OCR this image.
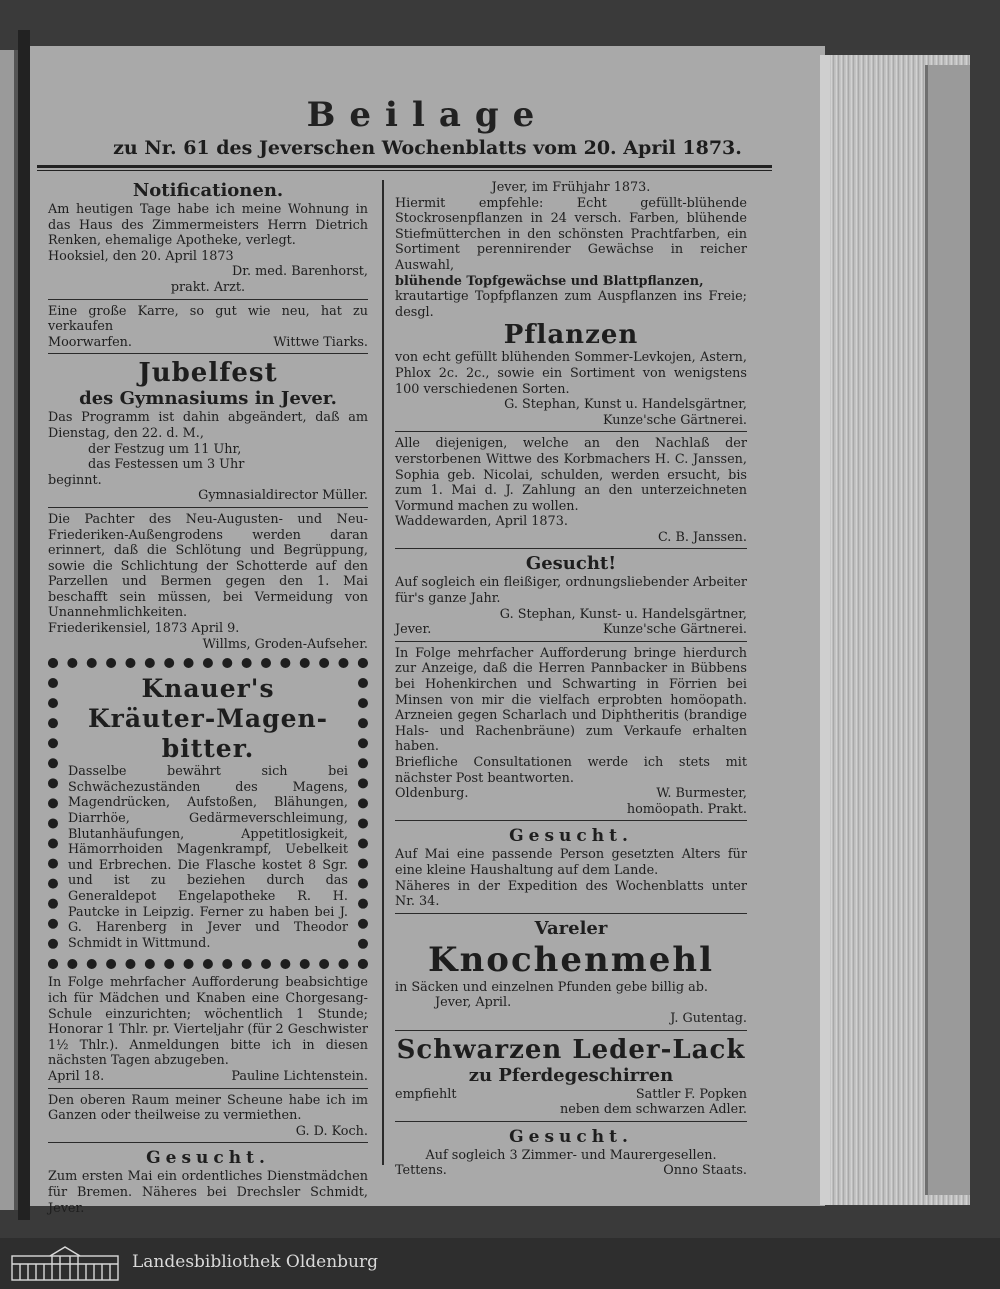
Beilage
zu Nr. 61 des Jeverschen Wochenblatts vom 20. April 1873.
Notificationen.

Am heutigen Tage habe ich meine Wohnung in das Haus des Zimmermeisters Herrn Dietrich Renken, ehemalige Apotheke, verlegt.

Hooksiel, den 20. April 1873

Dr. med. Barenhorst,

prakt. Arzt.

Eine große Karre, so gut wie neu, hat zu verkaufen

Moorwarfen.	Wittwe Tiarks.
Jubelfest
des Gymnasiums in Jever.

Das Programm ist dahin abgeändert, daß am Dienstag, den 22. d. M.,

der Festzug um 11 Uhr,

das Festessen um 3 Uhr

beginnt.

Gymnasialdirector Müller.

Die Pachter des Neu-Augusten- und Neu-Friederiken-Außengrodens werden daran erinnert, daß die Schlötung und Begrüppung, sowie die Schlichtung der Schotterde auf den Parzellen und Bermen gegen den 1. Mai beschafft sein müssen, bei Vermeidung von Unannehmlichkeiten.

Friederikensiel, 1873 April 9.

Willms, Groden-Aufseher.

Knauer's
Kräuter-Magen-
bitter.

Dasselbe bewährt sich bei Schwächezuständen des Magens, Magendrücken, Aufstoßen, Blähungen, Diarrhöe, Gedärmeverschleimung, Blutanhäufungen, Appetitlosigkeit, Hämorrhoiden Magenkrampf, Uebelkeit und Erbrechen. Die Flasche kostet 8 Sgr. und ist zu beziehen durch das Generaldepot Engelapotheke R. H. Pautcke in Leipzig. Ferner zu haben bei J. G. Harenberg in Jever und Theodor Schmidt in Wittmund.

In Folge mehrfacher Aufforderung beabsichtige ich für Mädchen und Knaben eine Chorgesang-Schule einzurichten; wöchentlich 1 Stunde; Honorar 1 Thlr. pr. Vierteljahr (für 2 Geschwister 1½ Thlr.). Anmeldungen bitte ich in diesen nächsten Tagen abzugeben.

April 18.	Pauline Lichtenstein.

Den oberen Raum meiner Scheune habe ich im Ganzen oder theilweise zu vermiethen.

G. D. Koch.

Gesucht.

Zum ersten Mai ein ordentliches Dienstmädchen für Bremen. Näheres bei Drechsler Schmidt, Jever.

Jever, im Frühjahr 1873.

Hiermit empfehle: Echt gefüllt-blühende Stockrosenpflanzen in 24 versch. Farben, blühende Stiefmütterchen in den schönsten Prachtfarben, ein Sortiment perennirender Gewächse in reicher Auswahl,

blühende Topfgewächse und Blattpflanzen,

krautartige Topfpflanzen zum Auspflanzen ins Freie; desgl.

Pflanzen

von echt gefüllt blühenden Sommer-Levkojen, Astern, Phlox 2c. 2c., sowie ein Sortiment von wenigstens 100 verschiedenen Sorten.

G. Stephan, Kunst u. Handelsgärtner,

Kunze'sche Gärtnerei.

Alle diejenigen, welche an den Nachlaß der verstorbenen Wittwe des Korbmachers H. C. Janssen, Sophia geb. Nicolai, schulden, werden ersucht, bis zum 1. Mai d. J. Zahlung an den unterzeichneten Vormund machen zu wollen.

Waddewarden, April 1873.

C. B. Janssen.

Gesucht!

Auf sogleich ein fleißiger, ordnungsliebender Arbeiter für's ganze Jahr.

G. Stephan, Kunst- u. Handelsgärtner,

Jever.	Kunze'sche Gärtnerei.

In Folge mehrfacher Aufforderung bringe hierdurch zur Anzeige, daß die Herren Pannbacker in Bübbens bei Hohenkirchen und Schwarting in Förrien bei Minsen von mir die vielfach erprobten homöopath. Arzneien gegen Scharlach und Diphtheritis (brandige Hals- und Rachenbräune) zum Verkaufe erhalten haben.

Briefliche Consultationen werde ich stets mit nächster Post beantworten.

Oldenburg.	W. Burmester,

homöopath. Prakt.

Gesucht.

Auf Mai eine passende Person gesetzten Alters für eine kleine Haushaltung auf dem Lande.

Näheres in der Expedition des Wochenblatts unter Nr. 34.

Vareler
Knochenmehl

in Säcken und einzelnen Pfunden gebe billig ab.

Jever, April.

J. Gutentag.

Schwarzen Leder-Lack
zu Pferdegeschirren
empfiehlt	Sattler F. Popken

neben dem schwarzen Adler.

Gesucht.

Auf sogleich 3 Zimmer- und Maurergesellen.

Tettens.	Onno Staats.
Landesbibliothek Oldenburg
